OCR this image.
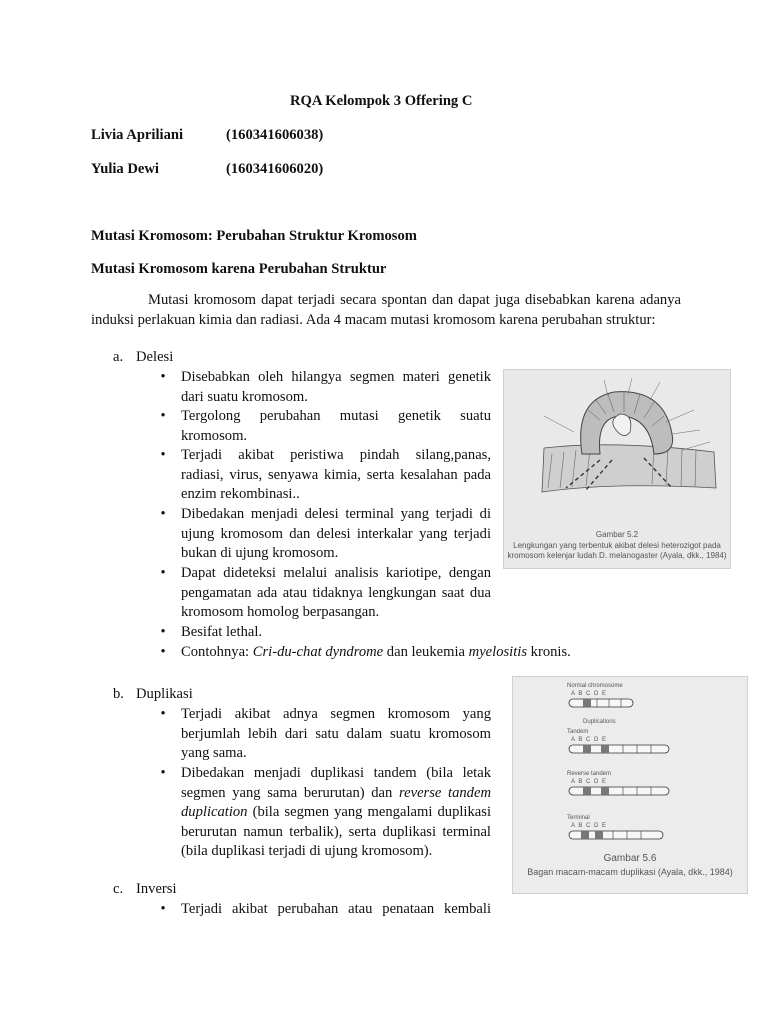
RQA Kelompok 3 Offering C
Livia Apriliani	(160341606038)
Yulia Dewi	(160341606020)
Mutasi Kromosom: Perubahan Struktur Kromosom
Mutasi Kromosom karena Perubahan Struktur
Mutasi kromosom dapat terjadi secara spontan dan dapat juga disebabkan karena adanya
induksi perlakuan kimia dan radiasi. Ada 4 macam mutasi kromosom karena perubahan struktur:
a. Delesi
• Disebabkan oleh hilangya segmen materi genetik
dari suatu kromosom.
• Tergolong perubahan mutasi genetik suatu
kromosom.
• Terjadi akibat peristiwa pindah silang,panas,
radiasi, virus, senyawa kimia, serta kesalahan pada
enzim rekombinasi..
• Dibedakan menjadi delesi terminal yang terjadi di
ujung kromosom dan delesi interkalar yang terjadi
bukan di ujung kromosom.
• Dapat dideteksi melalui analisis kariotipe, dengan
pengamatan ada atau tidaknya lengkungan saat dua
kromosom homolog berpasangan.
• Besifat lethal.
• Contohnya: Cri-du-chat dyndrome dan leukemia myelositis kronis.
Gambar 5.2
Lengkungan yang terbentuk akibat delesi heterozigot pada
kromosom kelenjar ludah D. melanogaster (Ayala, dkk., 1984)
b. Duplikasi
• Terjadi akibat adnya segmen kromosom yang
berjumlah lebih dari satu dalam suatu kromosom
yang sama.
• Dibedakan menjadi duplikasi tandem (bila letak
segmen yang sama berurutan) dan reverse tandem
duplication (bila segmen yang mengalami duplikasi
berurutan namun terbalik), serta duplikasi terminal
(bila duplikasi terjadi di ujung kromosom).
Normal chromosome
A B C D E
Duplications
Tandem
A B C D E
Reverse tandem
A B C D E
Terminal
A B C D E
Gambar 5.6
Bagan macam-macam duplikasi (Ayala, dkk., 1984)
c. Inversi
• Terjadi akibat perubahan atau penataan kembali
